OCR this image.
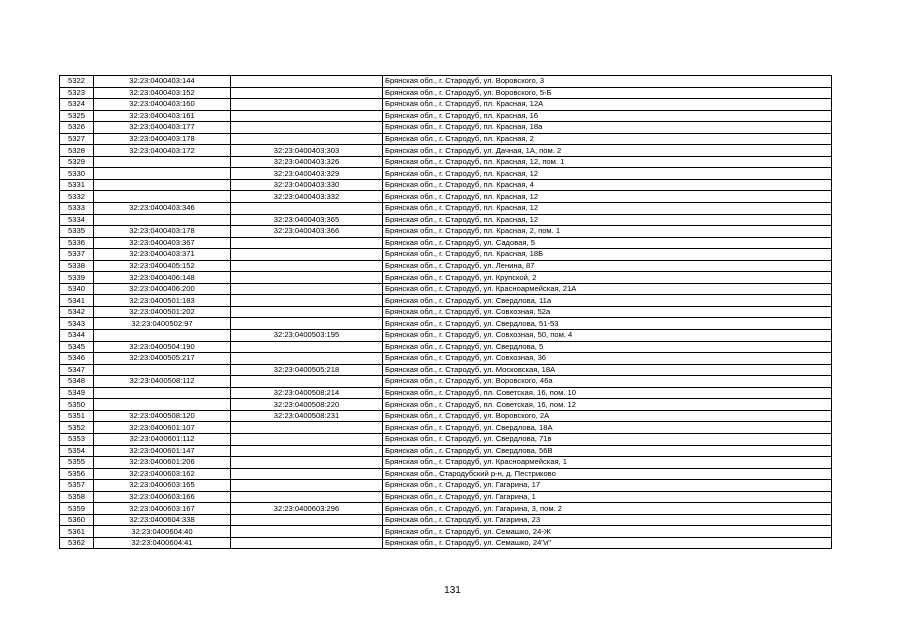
5322	32:23:0400403:144		Брянская обл., г. Стародуб, ул. Воровского, 3
5323	32:23:0400403:152		Брянская обл., г. Стародуб, ул. Воровского, 5-Б
5324	32:23:0400403:160		Брянская обл., г. Стародуб, пл. Красная, 12А
5325	32:23:0400403:161		Брянская обл., г. Стародуб, пл. Красная, 16
5326	32:23:0400403:177		Брянская обл., г. Стародуб, пл. Красная, 18а
5327	32:23:0400403:178		Брянская обл., г. Стародуб, пл. Красная, 2
5328	32:23:0400403:172	32:23:0400403:303	Брянская обл., г. Стародуб, ул. Дачная, 1А, пом. 2
5329		32:23:0400403:326	Брянская обл., г. Стародуб, пл. Красная, 12, пом. 1
5330		32:23:0400403:329	Брянская обл., г. Стародуб, пл. Красная, 12
5331		32:23:0400403:330	Брянская обл., г. Стародуб, пл. Красная, 4
5332		32:23:0400403:332	Брянская обл., г. Стародуб, пл. Красная, 12
5333	32:23:0400403:346		Брянская обл., г. Стародуб, пл. Красная, 12
5334		32:23:0400403:365	Брянская обл., г. Стародуб, пл. Красная, 12
5335	32:23:0400403:178	32:23:0400403:366	Брянская обл., г. Стародуб, пл. Красная, 2, пом. 1
5336	32:23:0400403:367		Брянская обл., г. Стародуб, ул. Садовая, 5
5337	32:23:0400403:371		Брянская обл., г. Стародуб, пл. Красная, 18Б
5338	32:23:0400405:152		Брянская обл., г. Стародуб, ул. Ленина, 87
5339	32:23:0400406:148		Брянская обл., г. Стародуб, ул. Крупской, 2
5340	32:23:0400406:200		Брянская обл., г. Стародуб, ул. Красноармейская, 21А
5341	32:23:0400501:183		Брянская обл., г. Стародуб, ул. Свердлова, 11а
5342	32:23:0400501:202		Брянская обл., г. Стародуб, ул. Совхозная, 52а
5343	32:23:0400502:97		Брянская обл., г. Стародуб, ул. Свердлова, 51-53
5344		32:23:0400503:195	Брянская обл., г. Стародуб, ул. Совхозная, 50, пом. 4
5345	32:23:0400504:190		Брянская обл., г. Стародуб, ул. Свердлова, 5
5346	32:23:0400505:217		Брянская обл., г. Стародуб, ул. Совхозная, 36
5347		32:23:0400505:218	Брянская обл., г. Стародуб, ул. Московская, 18А
5348	32:23:0400508:112		Брянская обл., г. Стародуб, ул. Воровского, 46а
5349		32:23:0400508:214	Брянская обл., г. Стародуб, пл. Советская, 16, пом. 10
5350		32:23:0400508:220	Брянская обл., г. Стародуб, пл. Советская, 16, пом. 12
5351	32:23:0400508:120	32:23:0400508:231	Брянская обл., г. Стародуб, ул. Воровского, 2А
5352	32:23:0400601:107		Брянская обл., г. Стародуб, ул. Свердлова, 18А
5353	32:23:0400601:112		Брянская обл., г. Стародуб, ул. Свердлова, 71в
5354	32:23:0400601:147		Брянская обл., г. Стародуб, ул. Свердлова, 56В
5355	32:23:0400601:206		Брянская обл., г. Стародуб, ул. Красноармейская, 1
5356	32:23:0400603:162		Брянская обл., Стародубский р-н, д. Пестриково
5357	32:23:0400603:165		Брянская обл., г. Стародуб, ул. Гагарина, 17
5358	32:23:0400603:166		Брянская обл., г. Стародуб, ул. Гагарина, 1
5359	32:23:0400603:167	32:23:0400603:296	Брянская обл., г. Стародуб, ул. Гагарина, 3, пом. 2
5360	32:23:0400604:338		Брянская обл., г. Стародуб, ул. Гагарина, 23
5361	32:23:0400604:40		Брянская обл., г. Стародуб, ул. Семашко, 24-Ж
5362	32:23:0400604:41		Брянская обл., г. Стародуб, ул. Семашко, 24"и"
131
